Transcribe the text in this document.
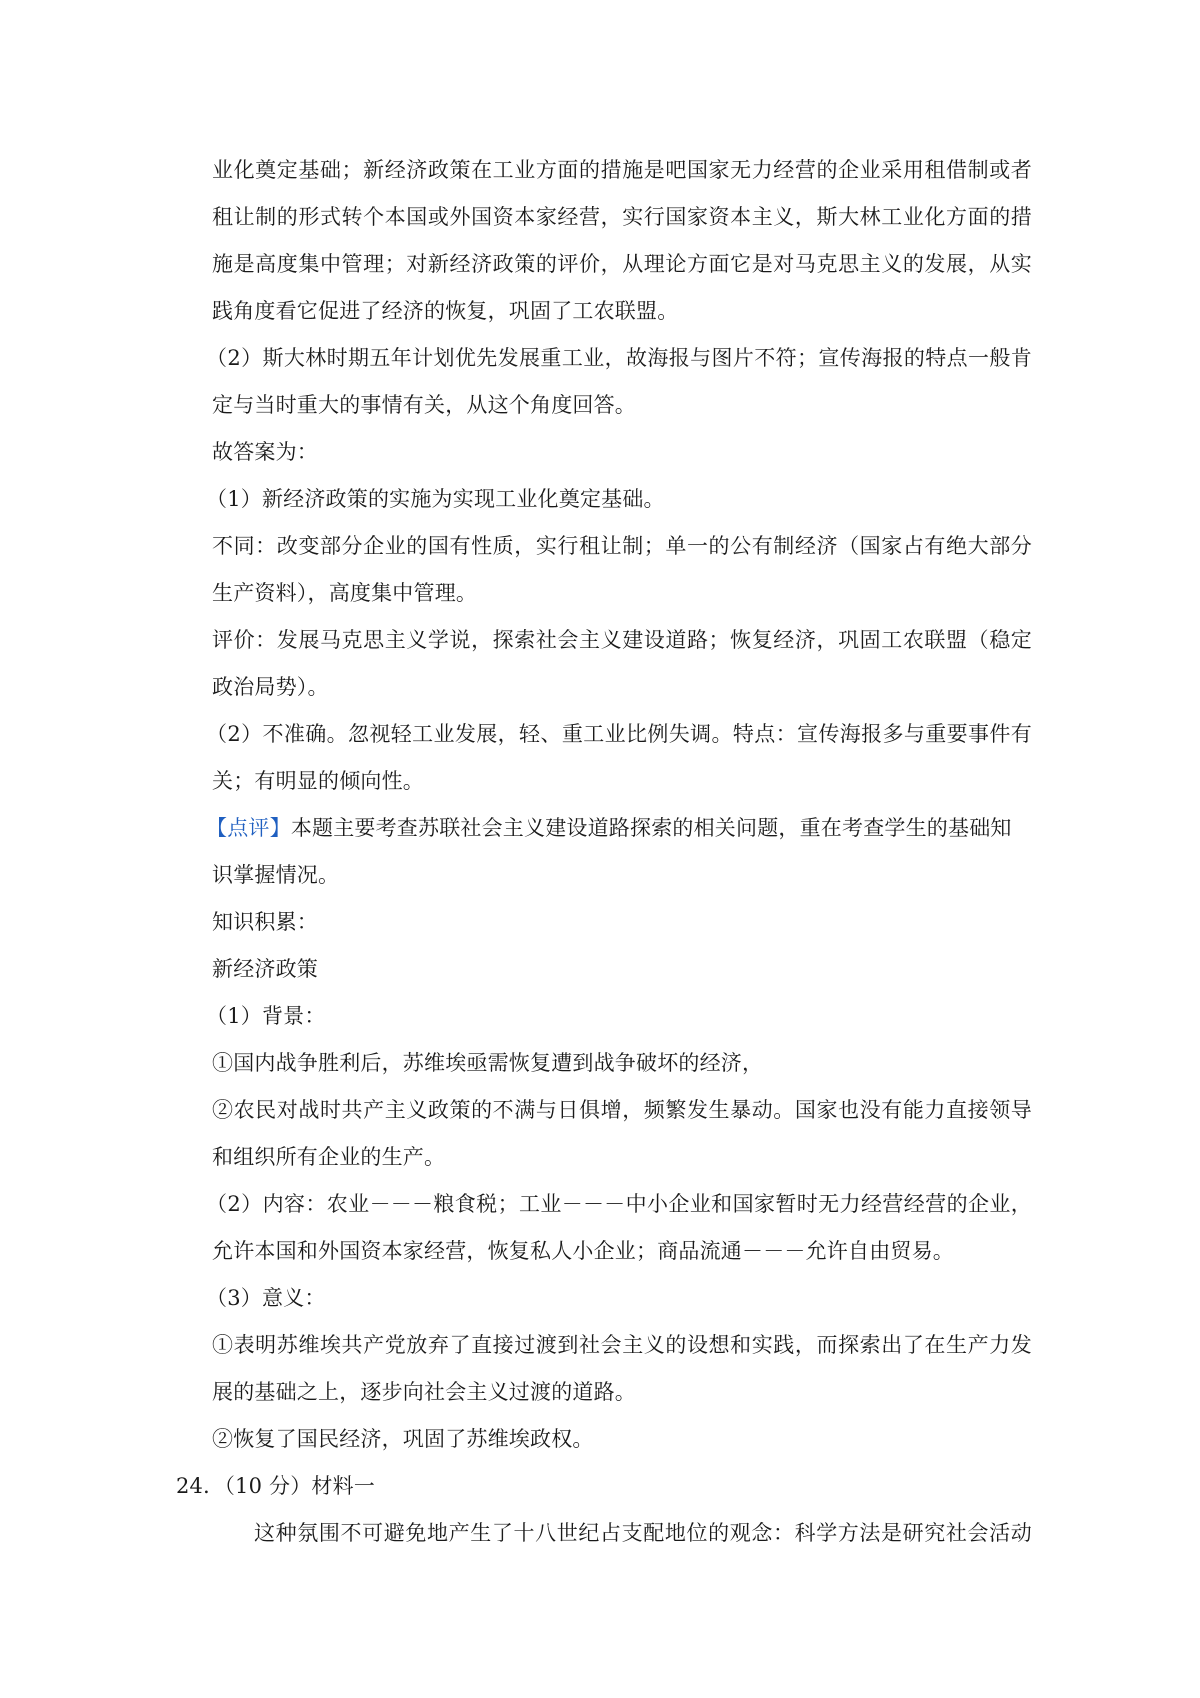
业化奠定基础；新经济政策在工业方面的措施是吧国家无力经营的企业采用租借制或者
租让制的形式转个本国或外国资本家经营，实行国家资本主义，斯大林工业化方面的措
施是高度集中管理；对新经济政策的评价，从理论方面它是对马克思主义的发展，从实
践角度看它促进了经济的恢复，巩固了工农联盟。
（2）斯大林时期五年计划优先发展重工业，故海报与图片不符；宣传海报的特点一般肯
定与当时重大的事情有关，从这个角度回答。
故答案为：
（1）新经济政策的实施为实现工业化奠定基础。
不同：改变部分企业的国有性质，实行租让制；单一的公有制经济（国家占有绝大部分
生产资料），高度集中管理。
评价：发展马克思主义学说，探索社会主义建设道路；恢复经济，巩固工农联盟（稳定
政治局势）。
（2）不准确。忽视轻工业发展，轻、重工业比例失调。特点：宣传海报多与重要事件有
关；有明显的倾向性。
【点评】本题主要考查苏联社会主义建设道路探索的相关问题，重在考查学生的基础知
识掌握情况。
知识积累：
新经济政策
（1）背景：
①国内战争胜利后，苏维埃亟需恢复遭到战争破坏的经济，
②农民对战时共产主义政策的不满与日俱增，频繁发生暴动。国家也没有能力直接领导
和组织所有企业的生产。
（2）内容：农业－－－粮食税；工业－－－中小企业和国家暂时无力经营经营的企业，
允许本国和外国资本家经营，恢复私人小企业；商品流通－－－允许自由贸易。
（3）意义：
①表明苏维埃共产党放弃了直接过渡到社会主义的设想和实践，而探索出了在生产力发
展的基础之上，逐步向社会主义过渡的道路。
②恢复了国民经济，巩固了苏维埃政权。
24．（10 分）材料一
这种氛围不可避免地产生了十八世纪占支配地位的观念：科学方法是研究社会活动
